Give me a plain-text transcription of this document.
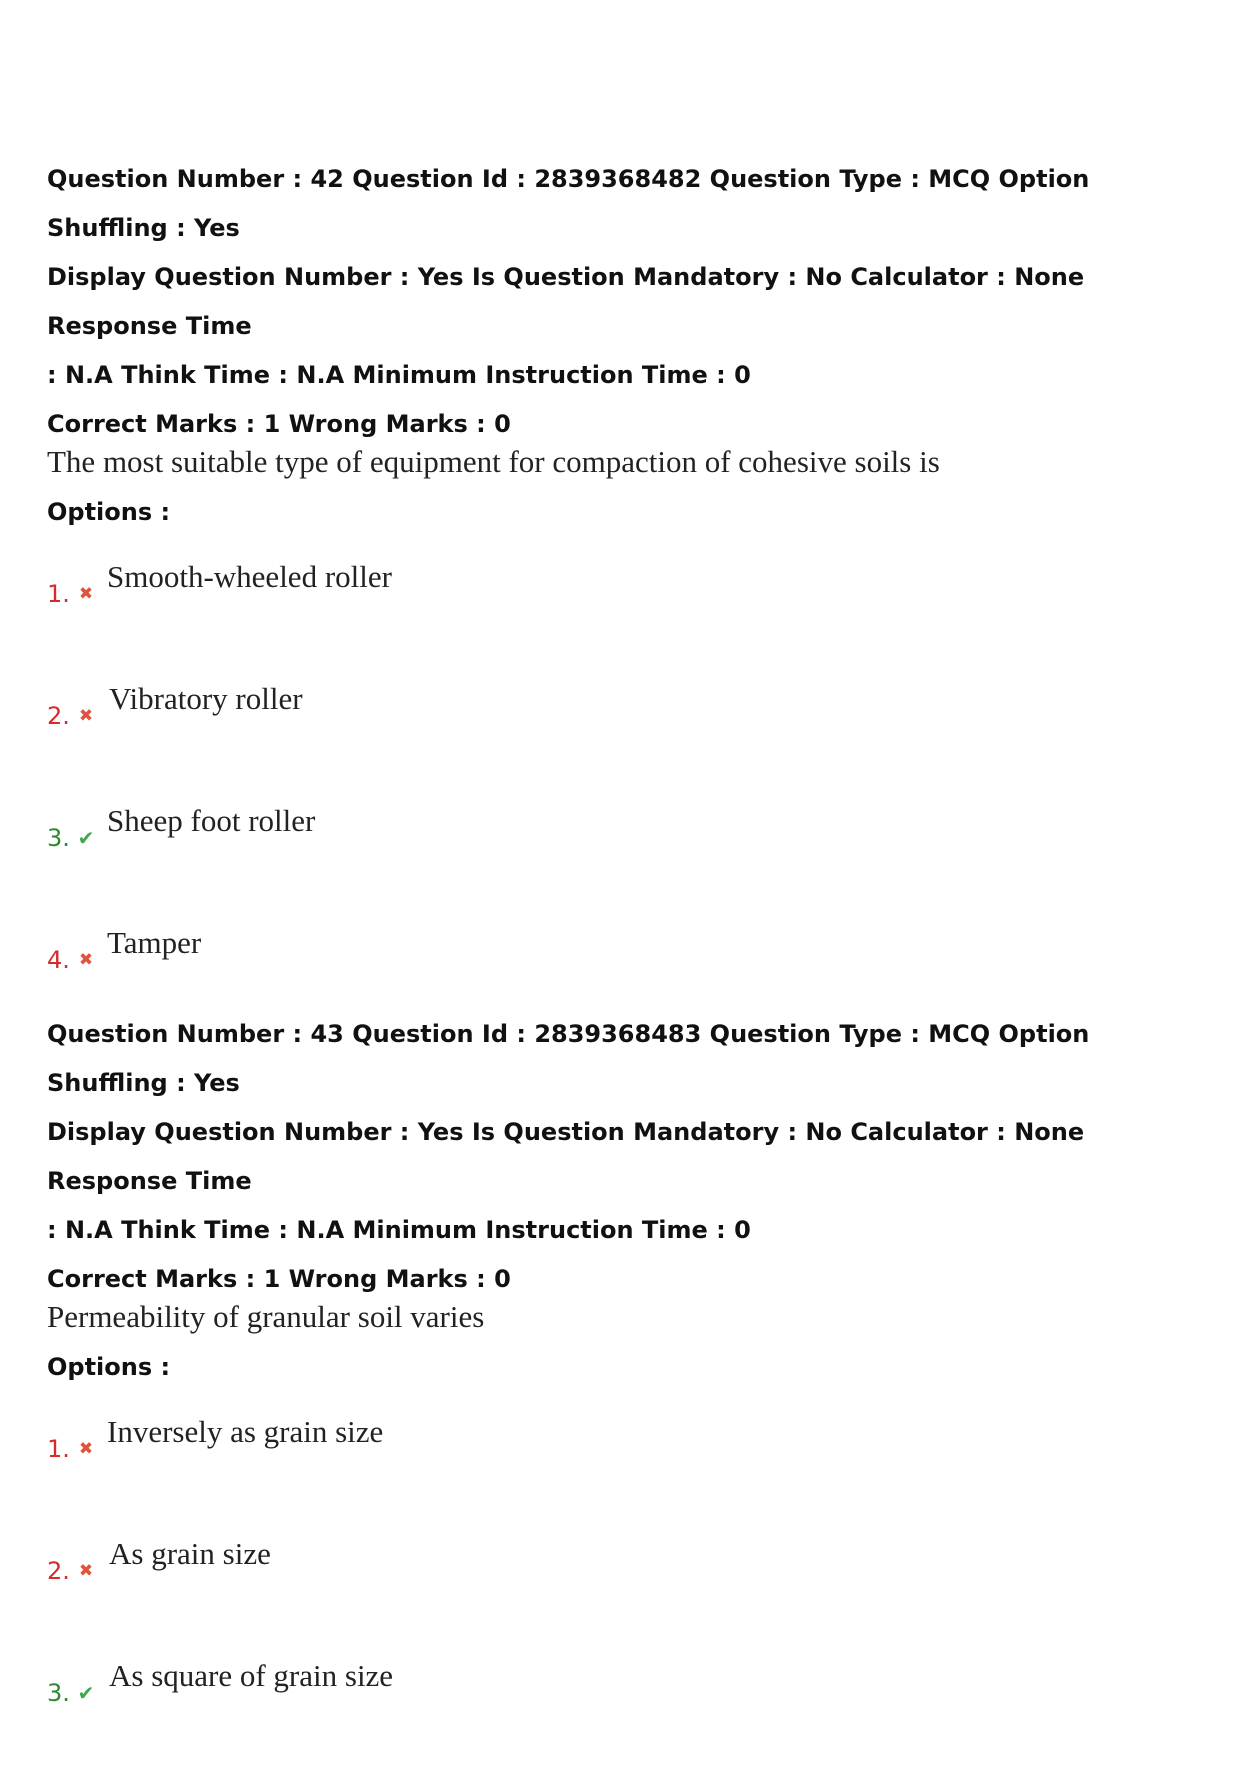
Question Number : 42 Question Id : 2839368482 Question Type : MCQ Option Shuffling : Yes

Display Question Number : Yes Is Question Mandatory : No Calculator : None Response Time

: N.A Think Time : N.A Minimum Instruction Time : 0

Correct Marks : 1 Wrong Marks : 0

The most suitable type of equipment for compaction of cohesive soils is

Options :

1. ✖ Smooth-wheeled roller
2. ✖ Vibratory roller
3. ✔ Sheep foot roller
4. ✖ Tamper

Question Number : 43 Question Id : 2839368483 Question Type : MCQ Option Shuffling : Yes

Display Question Number : Yes Is Question Mandatory : No Calculator : None Response Time

: N.A Think Time : N.A Minimum Instruction Time : 0

Correct Marks : 1 Wrong Marks : 0

Permeability of granular soil varies

Options :

1. ✖ Inversely as grain size
2. ✖ As grain size
3. ✔ As square of grain size
